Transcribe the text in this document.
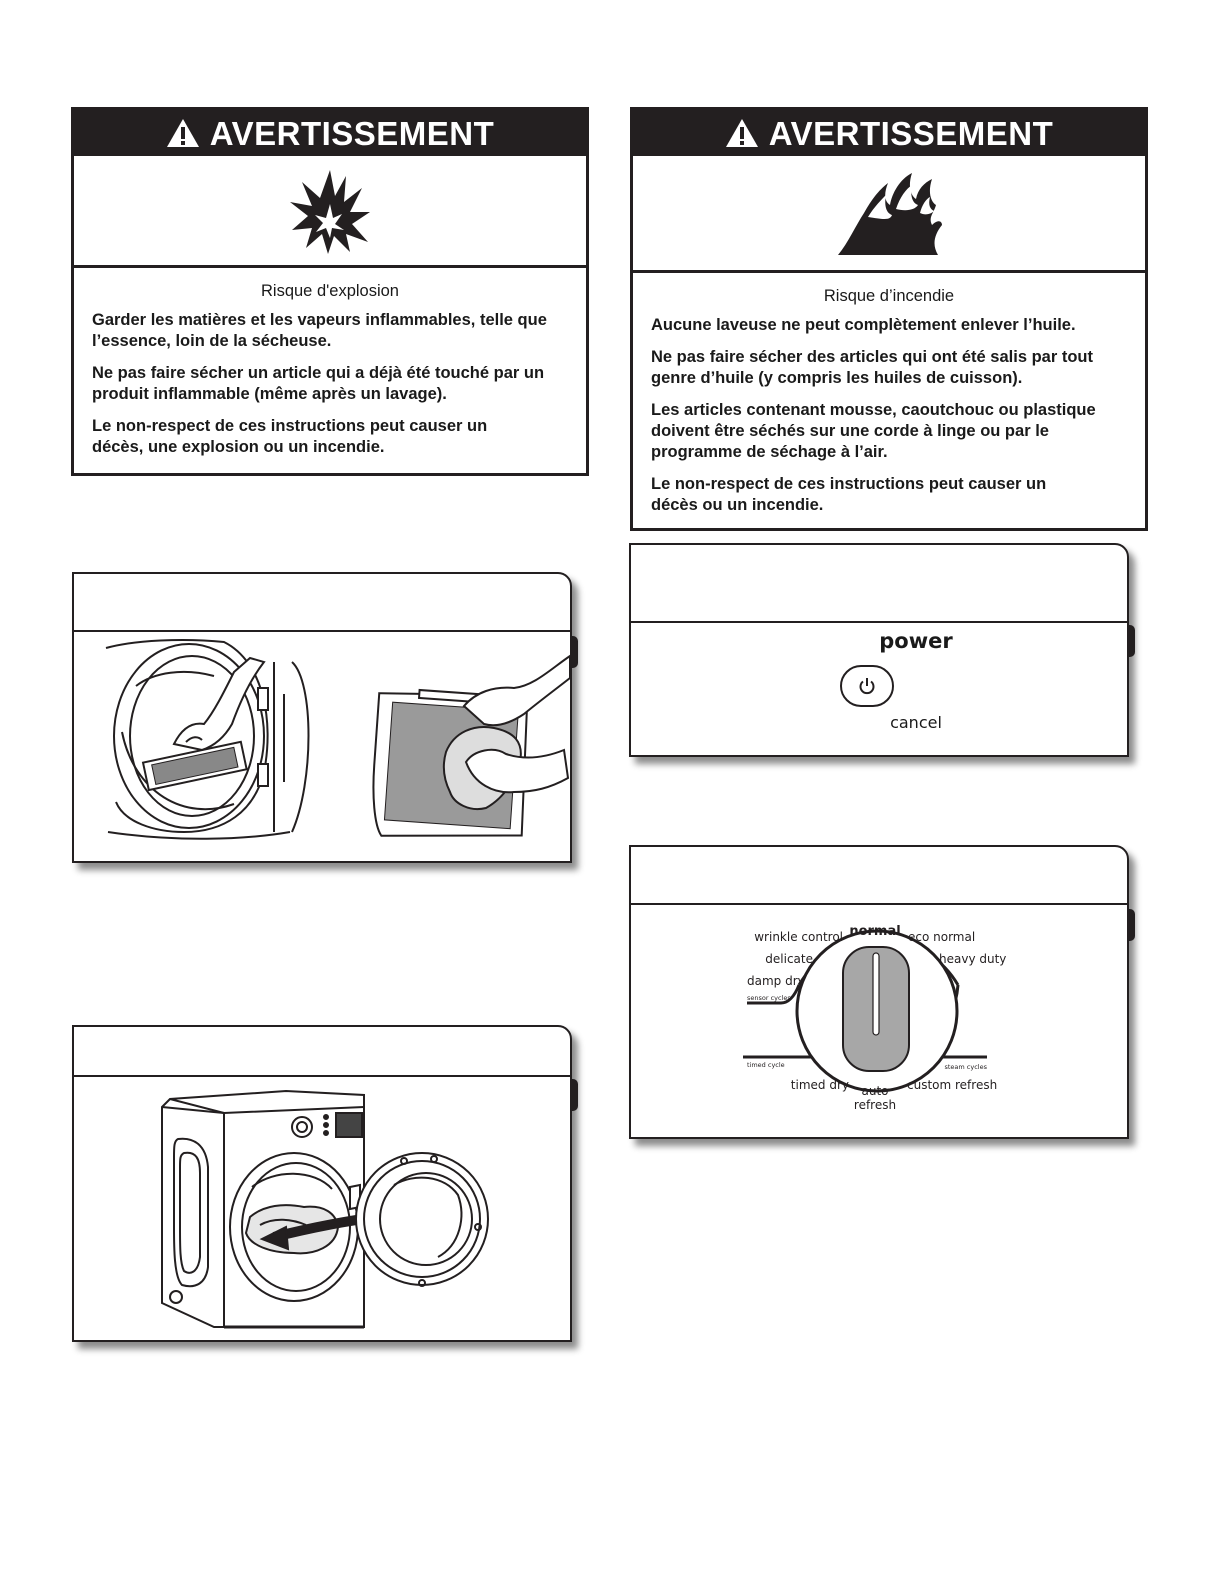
AVERTISSEMENT

Risque d'explosion

Garder les matières et les vapeurs inflammables, telle que l’essence, loin de la sécheuse.

Ne pas faire sécher un article qui a déjà été touché par un produit inflammable (même après un lavage).

Le non-respect de ces instructions peut causer un décès, une explosion ou un incendie.

AVERTISSEMENT

Risque d’incendie

Aucune laveuse ne peut complètement enlever l’huile.

Ne pas faire sécher des articles qui ont été salis par tout genre d’huile (y compris les huiles de cuisson).

Les articles contenant mousse, caoutchouc ou plastique doivent être séchés sur une corde à linge ou par le programme de séchage à l’air.

Le non-respect de ces instructions peut causer un décès ou un incendie.

power
cancel
normal
wrinkle control	eco normal
delicate	heavy duty
damp dry
sensor cycles
timed cycle	steam cycles
timed dry auto
refresh
custom refresh
